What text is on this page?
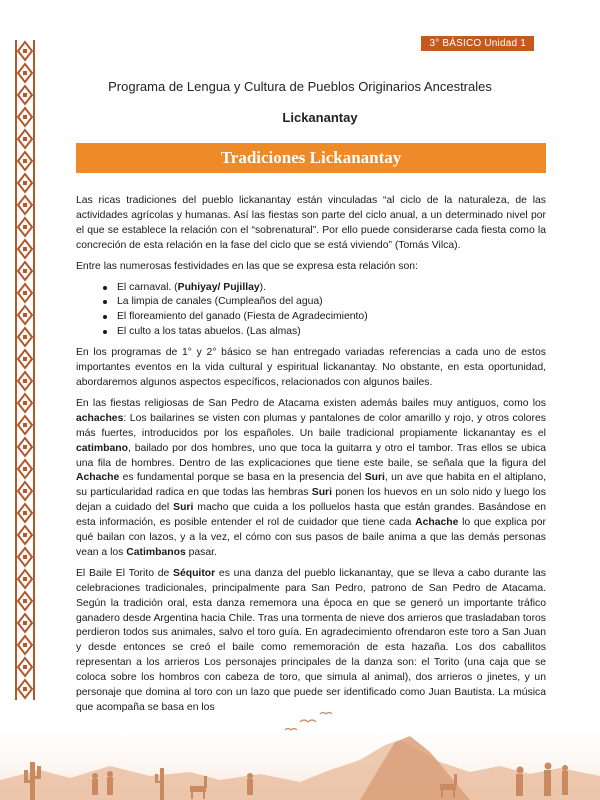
3° BÁSICO Unidad 1
Programa de Lengua y Cultura de Pueblos Originarios Ancestrales
Lickanantay
Tradiciones Lickanantay

Las ricas tradiciones del pueblo lickanantay están vinculadas “al ciclo de la naturaleza, de las actividades agrícolas y humanas. Así las fiestas son parte del ciclo anual, a un determinado nivel por el que se establece la relación con el “sobrenatural”. Por ello puede considerarse cada fiesta como la concreción de esta relación en la fase del ciclo que se está viviendo” (Tomás Vilca).

Entre las numerosas festividades en las que se expresa esta relación son:

El carnaval. (Puhiyay/ Pujillay).
La limpia de canales (Cumpleaños del agua)
El floreamiento del ganado (Fiesta de Agradecimiento)
El culto a los tatas abuelos. (Las almas)

En los programas de 1° y 2° básico se han entregado variadas referencias a cada uno de estos importantes eventos en la vida cultural y espiritual lickanantay. No obstante, en esta oportunidad, abordaremos algunos aspectos específicos, relacionados con algunos bailes.

En las fiestas religiosas de San Pedro de Atacama existen además bailes muy antiguos, como los achaches: Los bailarines se visten con plumas y pantalones de color amarillo y rojo, y otros colores más fuertes, introducidos por los españoles. Un baile tradicional propiamente lickanantay es el catimbano, bailado por dos hombres, uno que toca la guitarra y otro el tambor. Tras ellos se ubica una fila de hombres. Dentro de las explicaciones que tiene este baile, se señala que la figura del Achache es fundamental porque se basa en la presencia del Suri, un ave que habita en el altiplano, su particularidad radica en que todas las hembras Suri ponen los huevos en un solo nido y luego los dejan a cuidado del Suri macho que cuida a los polluelos hasta que están grandes. Basándose en esta información, es posible entender el rol de cuidador que tiene cada Achache lo que explica por qué bailan con lazos, y a la vez, el cómo con sus pasos de baile anima a que las demás personas vean a los Catimbanos pasar.

El Baile El Torito de Séquitor es una danza del pueblo lickanantay, que se lleva a cabo durante las celebraciones tradicionales, principalmente para San Pedro, patrono de San Pedro de Atacama. Según la tradición oral, esta danza rememora una época en que se generó un importante tráfico ganadero desde Argentina hacia Chile. Tras una tormenta de nieve dos arrieros que trasladaban toros perdieron todos sus animales, salvo el toro guía. En agradecimiento ofrendaron este toro a San Juan y desde entonces se creó el baile como rememoración de esta hazaña. Los dos caballitos representan a los arrieros Los personajes principales de la danza son: el Torito (una caja que se coloca sobre los hombros con cabeza de toro, que simula al animal), dos arrieros o jinetes, y un personaje que domina al toro con un lazo que puede ser identificado como Juan Bautista. La música que acompaña se basa en los
